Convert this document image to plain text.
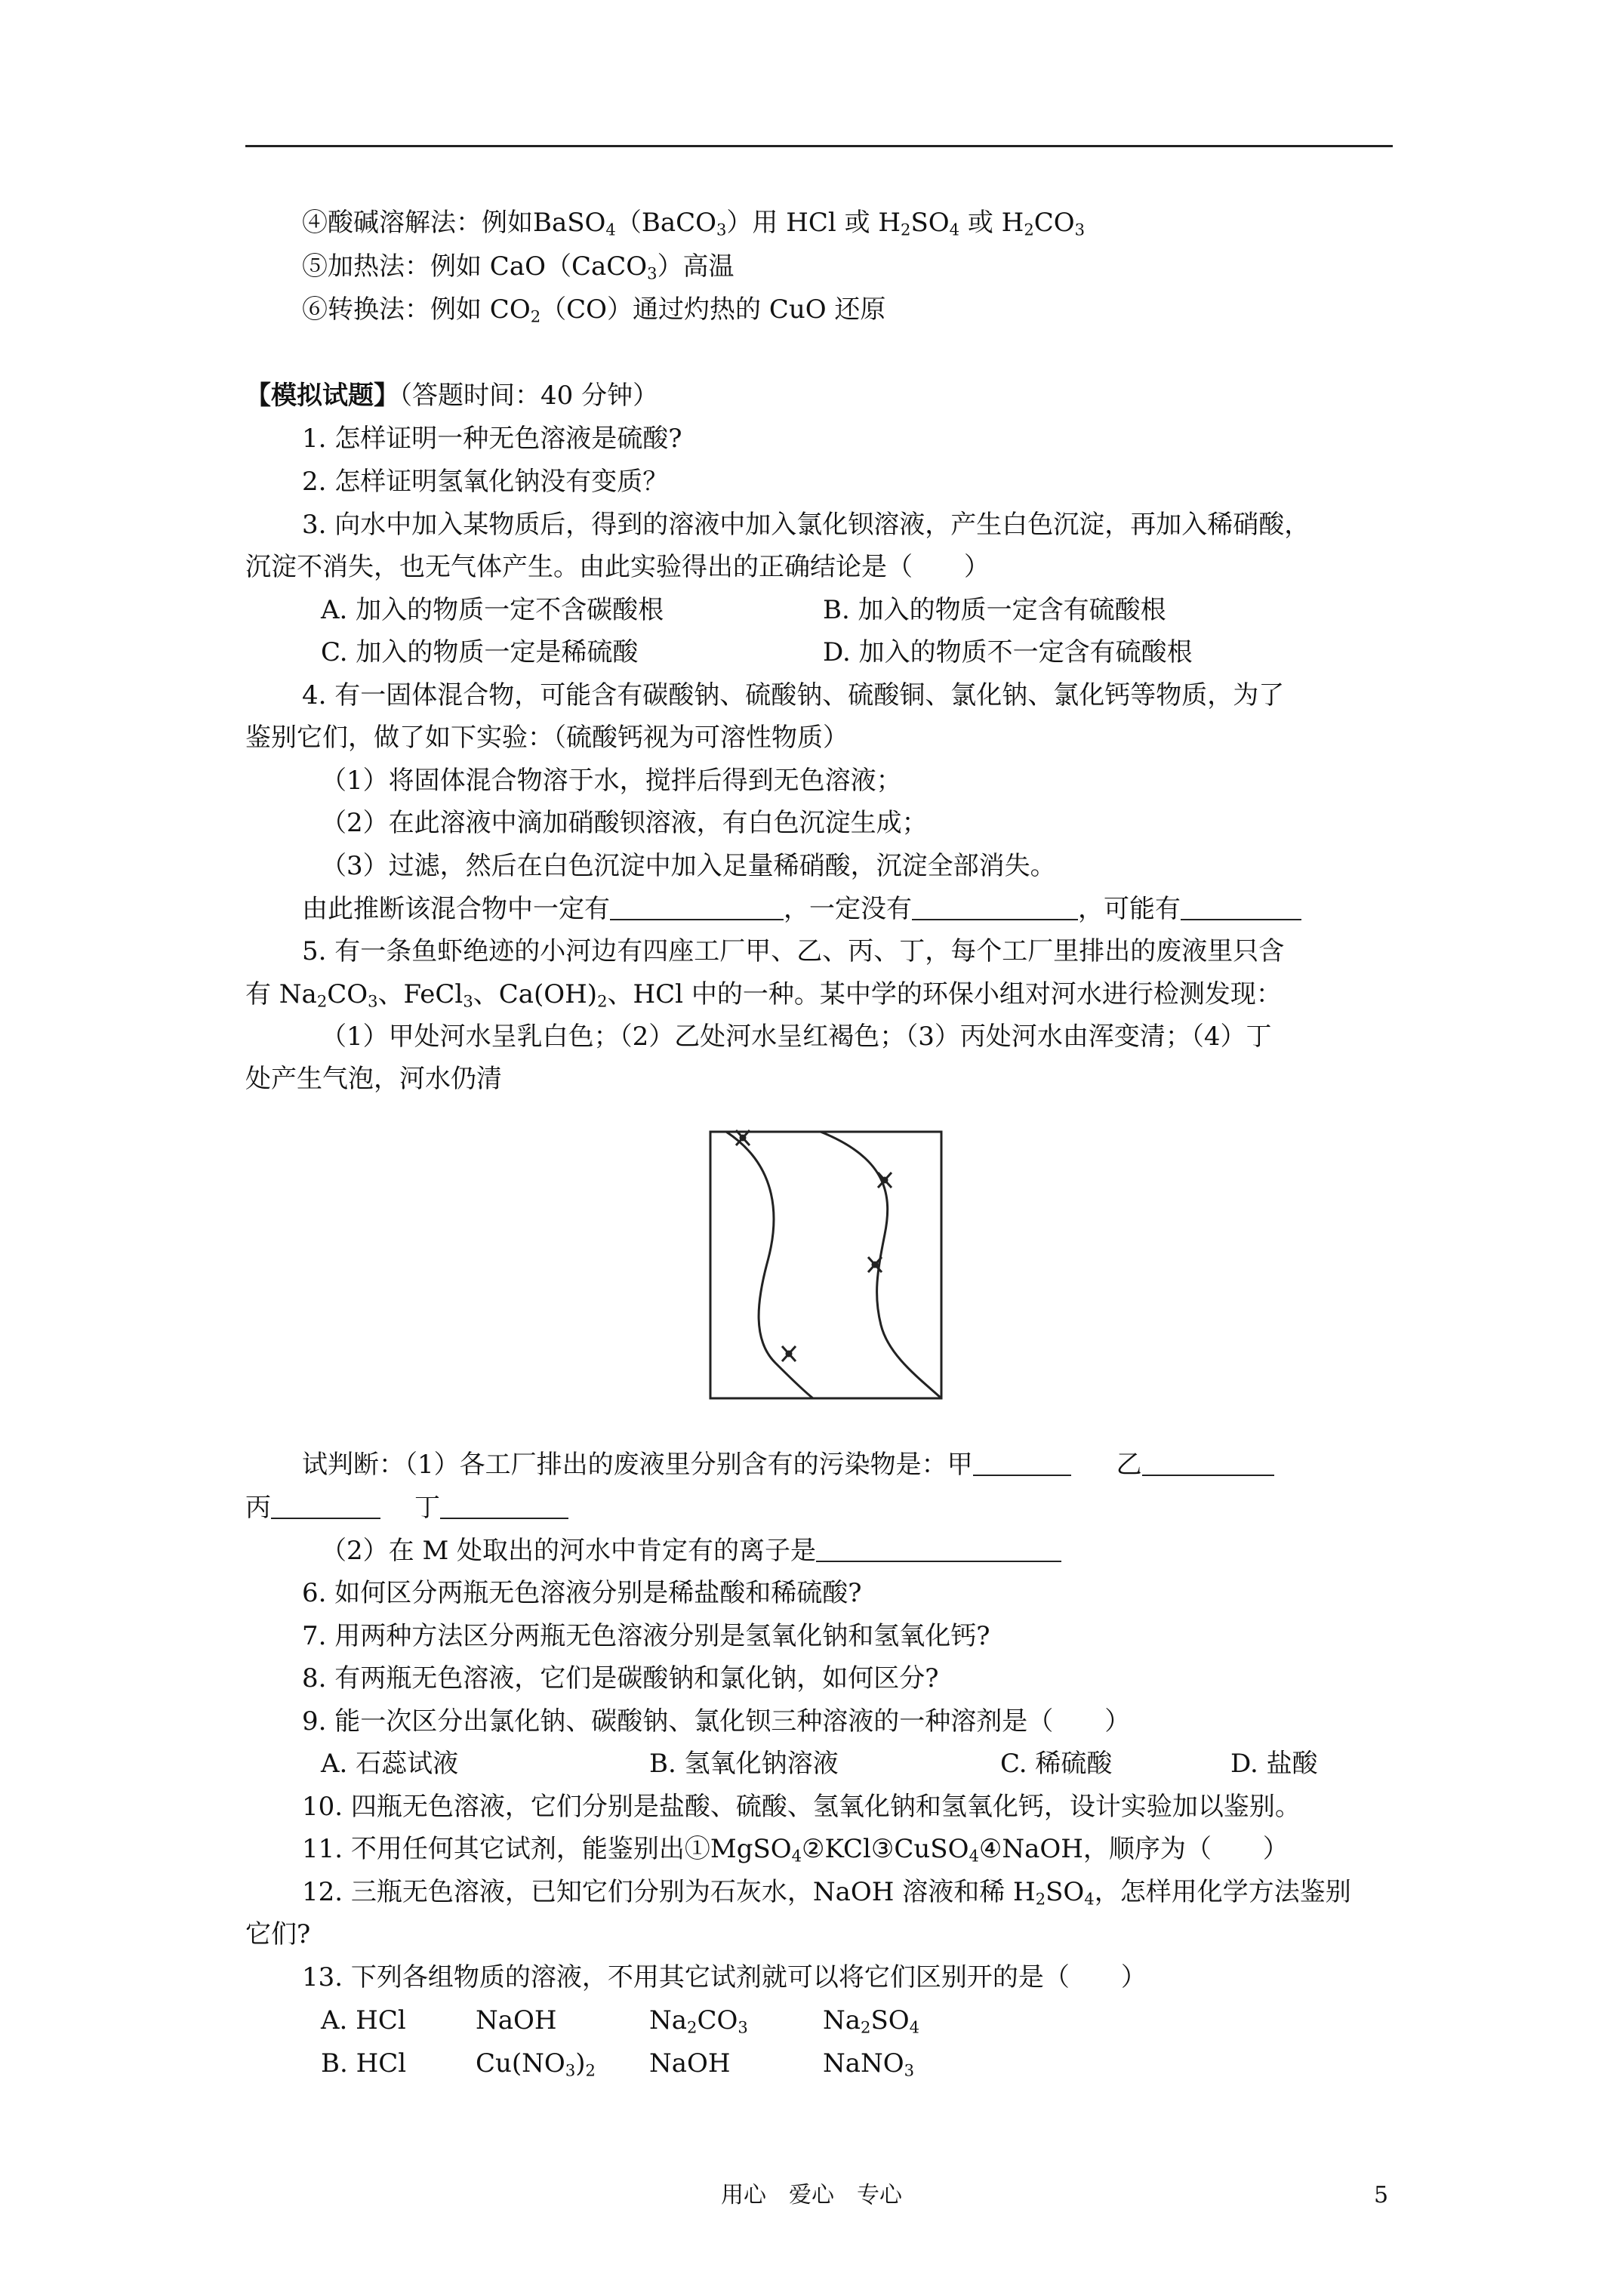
④酸碱溶解法：例如BaSO$_4$（BaCO$_3$）用 HCl 或 $H_2SO_4$ 或 $H_2CO_3$
⑤加热法：例如 CaO（CaCO$_3$）高温
⑥转换法：例如 $CO_2(CO)$通过灼热的 CuO 还原
【模拟试题】（答题时间：40 分钟）
1. 怎样证明一种无色溶液是硫酸?
2. 怎样证明氢氧化钠没有变质？
3. 向水中加入某物质后，得到的溶液中加入氯化钡溶液，产生白色沉淀，再加入稀硝酸，
沉淀不消失，也无气体产生。由此实验得出的正确结论是（　　）
A. 加入的物质一定不含碳酸根	B. 加入的物质一定含有硫酸根
C. 加入的物质一定是稀硫酸	D. 加入的物质不一定含有硫酸根
4. 有一固体混合物，可能含有碳酸钠、硫酸钠、硫酸铜、氯化钠、氯化钙等物质，为了
鉴别它们，做了如下实验：（硫酸钙视为可溶性物质）
（1）将固体混合物溶于水，搅拌后得到无色溶液；
（2）在此溶液中滴加硝酸钡溶液，有白色沉淀生成；
（3）过滤，然后在白色沉淀中加入足量稀硝酸，沉淀全部消失。
由此推断该混合物中一定有	，一定没有	，可能有
5. 有一条鱼虾绝迹的小河边有四座工厂甲、乙、丙、丁，每个工厂里排出的废液里只含
有 $Na_2CO_3$、FeCl$_3$、$Ca(OH)_2$、HCl 中的一种。某中学的环保小组对河水进行检测发现：
（1）甲处河水呈乳白色；（2）乙处河水呈红褐色；（3）丙处河水由浑变清；（4）丁
处产生气泡，河水仍清
试判断：（1）各工厂排出的废液里分别含有的污染物是：甲	乙
丙	丁
（2）在 M 处取出的河水中肯定有的离子是
6. 如何区分两瓶无色溶液分别是稀盐酸和稀硫酸?
7. 用两种方法区分两瓶无色溶液分别是氢氧化钠和氢氧化钙?
8. 有两瓶无色溶液，它们是碳酸钠和氯化钠，如何区分?
9. 能一次区分出氯化钠、碳酸钠、氯化钡三种溶液的一种溶剂是（　　）
A. 石蕊试液	B. 氢氧化钠溶液	C. 稀硫酸	D. 盐酸
10. 四瓶无色溶液，它们分别是盐酸、硫酸、氢氧化钠和氢氧化钙，设计实验加以鉴别。
11. 不用任何其它试剂，能鉴别出①MgSO$_4$②KCl③CuSO$_4$④NaOH，顺序为（　　）
12. 三瓶无色溶液，已知它们分别为石灰水，NaOH 溶液和稀 $H_2SO_4$，怎样用化学方法鉴别
它们?
13. 下列各组物质的溶液，不用其它试剂就可以将它们区别开的是（　　）
A. HCl	NaOH	$Na_2CO_3$	$Na_2SO_4$
B. HCl	$Cu(NO_3)_2$ NaOH	NaNO$_3$
用心　爱心　专心	5
